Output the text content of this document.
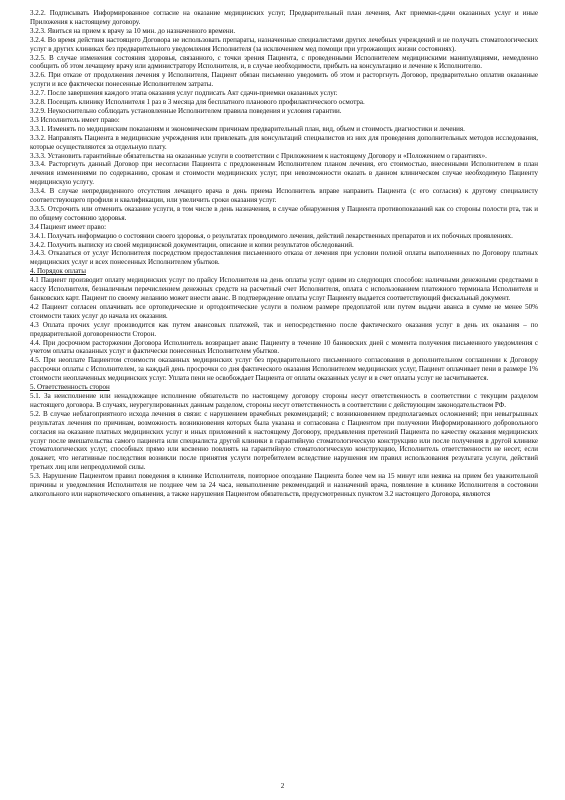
3.2.2. Подписывать Информированное согласие на оказание медицинских услуг, Предварительный план лечения, Акт приемки-сдачи оказанных услуг и иные Приложения к настоящему договору.

3.2.3. Явиться на прием к врачу за 10 мин. до назначенного времени.

3.2.4. Во время действия настоящего Договора не использовать препараты, назначенные специалистами других лечебных учреждений и не получать стоматологических услуг в других клиниках без предварительного уведомления Исполнителя (за исключением мед помощи при угрожающих жизни состояниях).

3.2.5. В случае изменения состояния здоровья, связанного, с точки зрения Пациента, с проведенными Исполнителем медицинскими манипуляциями, немедленно сообщить об этом лечащему врачу или администратору Исполнителя, и, в случае необходимости, прибыть на консультацию и лечение к Исполнителю.

3.2.6. При отказе от продолжения лечения у Исполнителя, Пациент обязан письменно уведомить об этом и расторгнуть Договор, предварительно оплатив оказанные услуги и все фактически понесенные Исполнителем затраты.

3.2.7. После завершения каждого этапа оказания услуг подписать Акт сдачи-приемки оказанных услуг.

3.2.8. Посещать клинику Исполнителя 1 раз в 3 месяца для бесплатного планового профилактического осмотра.

3.2.9. Неукоснительно соблюдать установленные Исполнителем правила поведения и условия гарантии.

3.3 Исполнитель имеет право:

3.3.1. Изменять по медицинским показаниям и экономическим причинам предварительный план, вид, объем и стоимость диагностики и лечения.

3.3.2. Направлять Пациента в медицинские учреждения или привлекать для консультаций специалистов из них для проведения дополнительных методов исследования, которые осуществляются за отдельную плату.

3.3.3. Установить гарантийные обязательства на оказанные услуги в соответствии с Приложением к настоящему Договору и «Положением о гарантиях».

3.3.4. Расторгнуть данный Договор при несогласии Пациента с предложенным Исполнителем планом лечения, его стоимостью, внесенными Исполнителем в план лечения изменениями по содержанию, срокам и стоимости медицинских услуг, при невозможности оказать в данном клиническом случае необходимую Пациенту медицинскую услугу.

3.3.4. В случае непредвиденного отсутствия лечащего врача в день приема Исполнитель вправе направить Пациента (с его согласия) к другому специалисту соответствующего профиля и квалификации, или увеличить сроки оказания услуг.

3.3.5. Отсрочить или отменить оказание услуги, в том числе в день назначения, в случае обнаружения у Пациента противопоказаний как со стороны полости рта, так и по общему состоянию здоровья.

3.4 Пациент имеет право:

3.4.1. Получать информацию о состоянии своего здоровья, о результатах проводимого лечения, действий лекарственных препаратов и их побочных проявлениях.

3.4.2. Получить выписку из своей медицинской документации, описание и копии результатов обследований.

3.4.3. Отказаться от услуг Исполнителя посредством предоставления письменного отказа от лечения при условии полной оплаты выполненных по Договору платных медицинских услуг и всех понесенных Исполнителем убытков.

4. Порядок оплаты

4.1 Пациент производит оплату медицинских услуг по прайсу Исполнителя на день оплаты услуг одним из следующих способов: наличными денежными средствами в кассу Исполнителя, безналичным перечислением денежных средств на расчетный счет Исполнителя, оплата с использованием платежного терминала Исполнителя и банковских карт. Пациент по своему желанию может внести аванс. В подтверждение оплаты услуг Пациенту выдается соответствующий фискальный документ.

4.2 Пациент согласен оплачивать все ортопедические и ортодонтические услуги в полном размере предоплатой или путем выдачи аванса в сумме не менее 50% стоимости таких услуг до начала их оказания.

4.3 Оплата прочих услуг производится как путем авансовых платежей, так и непосредственно после фактического оказания услуг в день их оказания – по предварительной договоренности Сторон.

4.4. При досрочном расторжении Договора Исполнитель возвращает аванс Пациенту в течение 10 банковских дней с момента получения письменного уведомления с учетом оплаты оказанных услуг и фактически понесенных Исполнителем убытков.

4.5. При неоплате Пациентом стоимости оказанных медицинских услуг без предварительного письменного согласования в дополнительном соглашении к Договору рассрочки оплаты с Исполнителем, за каждый день просрочки со дня фактического оказания Исполнителем медицинских услуг, Пациент оплачивает пени в размере 1% стоимости неоплаченных медицинских услуг. Уплата пени не освобождает Пациента от оплаты оказанных услуг и в счет оплаты услуг не засчитывается.

5. Ответственность сторон

5.1. За неисполнение или ненадлежащее исполнение обязательств по настоящему договору стороны несут ответственность в соответствии с текущим разделом настоящего договора. В случаях, неурегулированных данным разделом, стороны несут ответственность в соответствии с действующим законодательством РФ.

5.2. В случае неблагоприятного исхода лечения в связи: с нарушением врачебных рекомендаций; с возникновением предполагаемых осложнений; при невыгрышных результатах лечения по причинам, возможность возникновения которых была указана и согласована с Пациентом при получении Информированного добровольного согласия на оказание платных медицинских услуг и иных приложений к настоящему Договору, предъявления претензий Пациента по качеству оказания медицинских услуг после вмешательства самого пациента или специалиста другой клиники в гарантийную стоматологическую конструкцию или после получения в другой клинике стоматологических услуг, способных прямо или косвенно повлиять на гарантийную стоматологическую конструкцию, Исполнитель ответственности не несет, если докажет, что негативные последствия возникли после принятия услуги потребителем вследствие нарушения им правил использования результата услуги, действий третьих лиц или непреодолимой силы.

5.3. Нарушение Пациентом правил поведения в клинике Исполнителя, повторное опоздание Пациента более чем на 15 минут или неявка на прием без уважительной причины и уведомления Исполнителя не позднее чем за 24 часа, невыполнение рекомендаций и назначений врача, появление в клинике Исполнителя в состоянии алкогольного или наркотического опьянения, а также нарушения Пациентом обязательств, предусмотренных пунктом 3.2 настоящего Договора, являются

2
